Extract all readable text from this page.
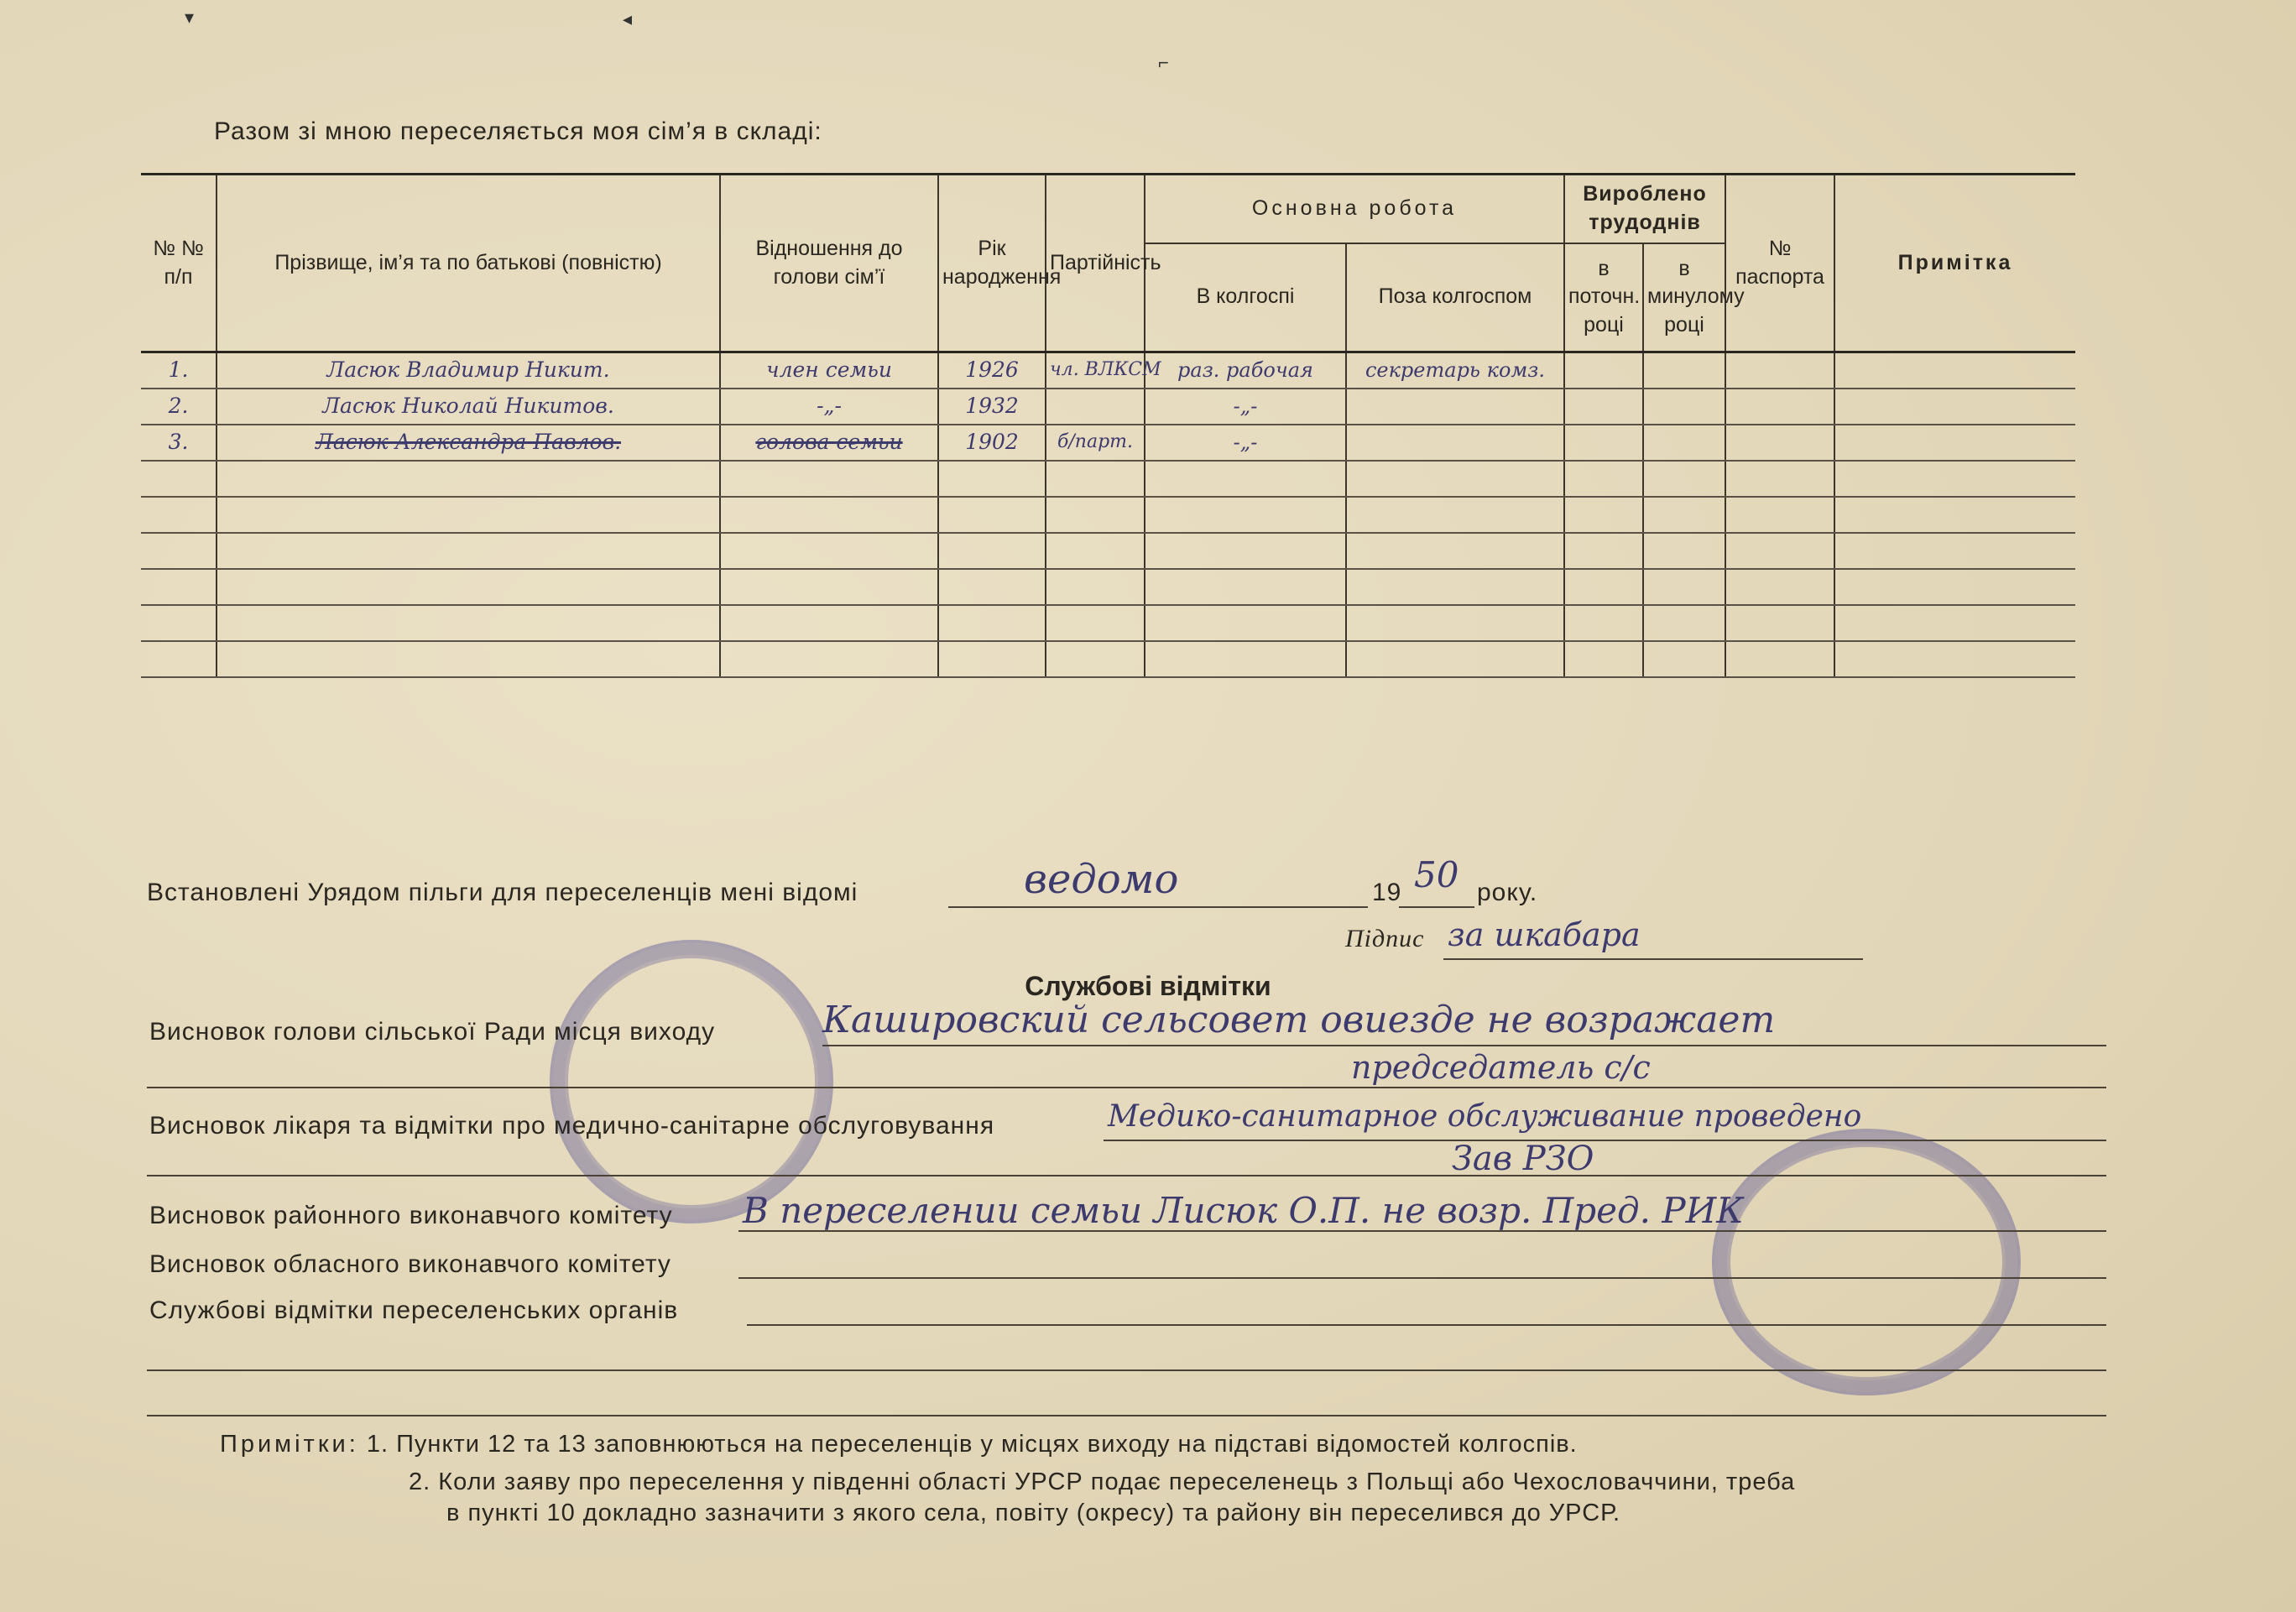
▾	◂
⌐
Разом зі мною переселяється моя сім’я в складі:
№ № п/п	Прізвище, ім’я та по батькові (повністю)	Відношення до голови сім’ї	Рік народження	Партійність	Основна робота		Вироблено трудоднів		№ паспорта	Примітка
					В колгоспі	Поза колгоспом	в поточн. році	в минулому році		
1.	Ласюк Владимир Никит.	член семьи	1926	чл. ВЛКСМ	раз. рабочая	секретарь комз.				
2.	Ласюк Николай Никитов.	-„-	1932		-„-					
3.	Ласюк Александра Павлов.	голова семьи	1902	б/парт.	-„-					

Встановлені Урядом пільги для переселенців мені відомі	ведомо	19 50 року.
Підпис за шкабара
Службові відмітки
Висновок голови сільської Ради місця виходу	Кашировский сельсовет овиезде не возражает
председатель с/с
Висновок лікаря та відмітки про медично-санітарне обслуговування	Медико-санитарное обслуживание проведено
Зав РЗО
Висновок районного виконавчого комітету В переселении семьи Лисюк О.П. не возр. Пред. РИК
Висновок обласного виконавчого комітету
Службові відмітки переселенських органів
Примітки: 1. Пункти 12 та 13 заповнюються на переселенців у місцях виходу на підставі відомостей колгоспів.
2. Коли заяву про переселення у південні області УРСР подає переселенець з Польщі або Чехословаччини, треба
в пункті 10 докладно зазначити з якого села, повіту (окресу) та району він переселився до УРСР.
